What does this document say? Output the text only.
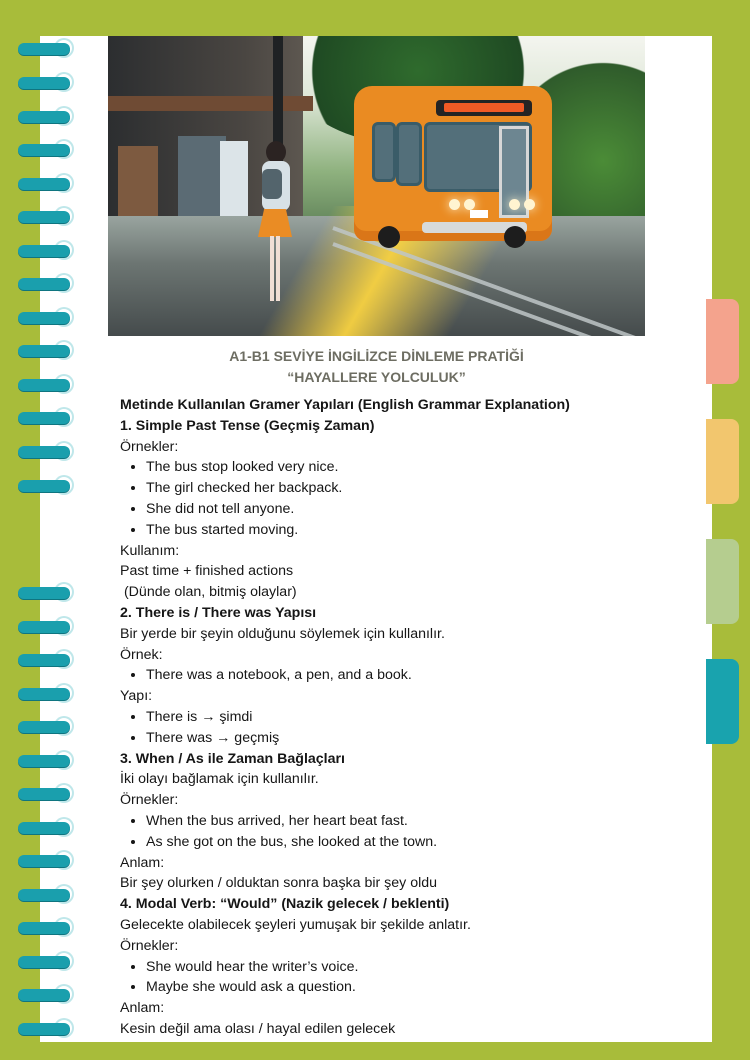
A1-B1 SEVİYE İNGİLİZCE DİNLEME PRATİĞİ
“HAYALLERE YOLCULUK”

Metinde Kullanılan Gramer Yapıları (English Grammar Explanation)

1. Simple Past Tense (Geçmiş Zaman)

Örnekler:

• The bus stop looked very nice.
• The girl checked her backpack.
• She did not tell anyone.
• The bus started moving.

Kullanım:

Past time + finished actions

(Dünde olan, bitmiş olaylar)

2. There is / There was Yapısı

Bir yerde bir şeyin olduğunu söylemek için kullanılır.

Örnek:

• There was a notebook, a pen, and a book.

Yapı:

• There is → şimdi
• There was → geçmiş

3. When / As ile Zaman Bağlaçları

İki olayı bağlamak için kullanılır.

Örnekler:

• When the bus arrived, her heart beat fast.
• As she got on the bus, she looked at the town.

Anlam:

Bir şey olurken / olduktan sonra başka bir şey oldu

4. Modal Verb: “Would” (Nazik gelecek / beklenti)

Gelecekte olabilecek şeyleri yumuşak bir şekilde anlatır.

Örnekler:

• She would hear the writer’s voice.
• Maybe she would ask a question.

Anlam:

Kesin değil ama olası / hayal edilen gelecek
